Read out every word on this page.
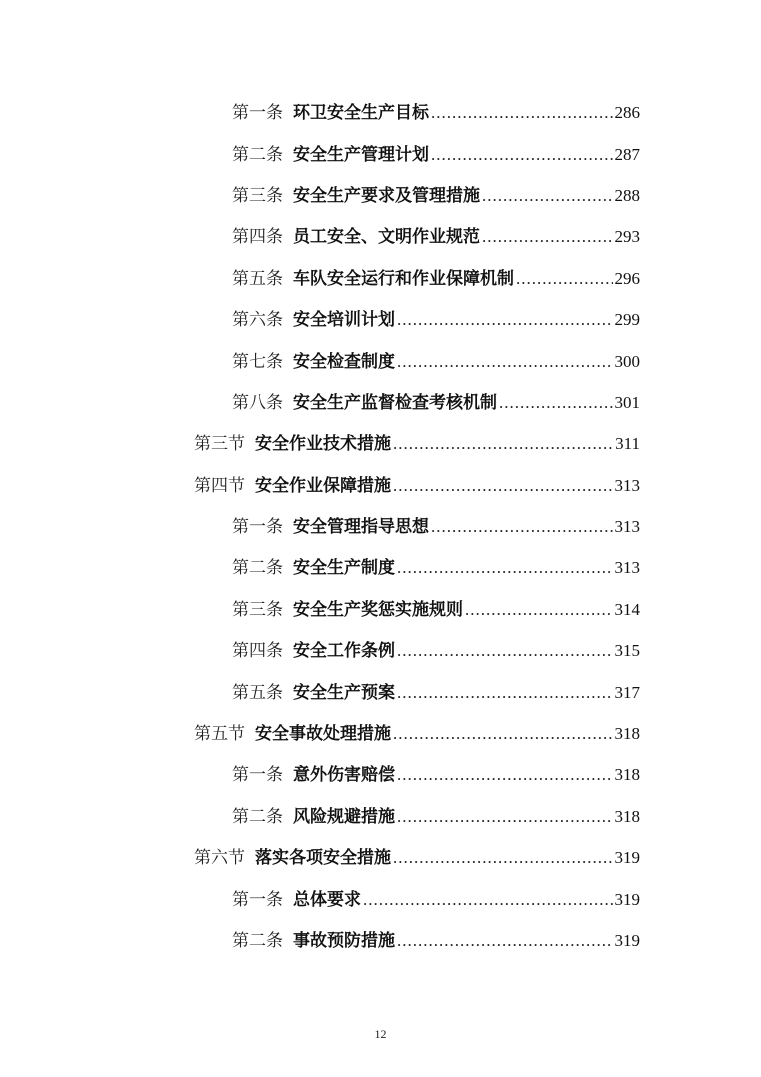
第一条 环卫安全生产目标 .....	286
第二条 安全生产管理计划 .....	287
第三条 安全生产要求及管理措施 .....	288
第四条 员工安全、文明作业规范 .....	293
第五条 车队安全运行和作业保障机制 .....	296
第六条 安全培训计划 .....	299
第七条 安全检查制度 .....	300
第八条 安全生产监督检查考核机制 .....	301
第三节 安全作业技术措施 .....	311
第四节 安全作业保障措施 .....	313
第一条 安全管理指导思想 .....	313
第二条 安全生产制度 .....	313
第三条 安全生产奖惩实施规则 .....	314
第四条 安全工作条例 .....	315
第五条 安全生产预案 .....	317
第五节 安全事故处理措施 .....	318
第一条 意外伤害赔偿 .....	318
第二条 风险规避措施 .....	318
第六节 落实各项安全措施 .....	319
第一条 总体要求 .....	319
第二条 事故预防措施 .....	319
12
